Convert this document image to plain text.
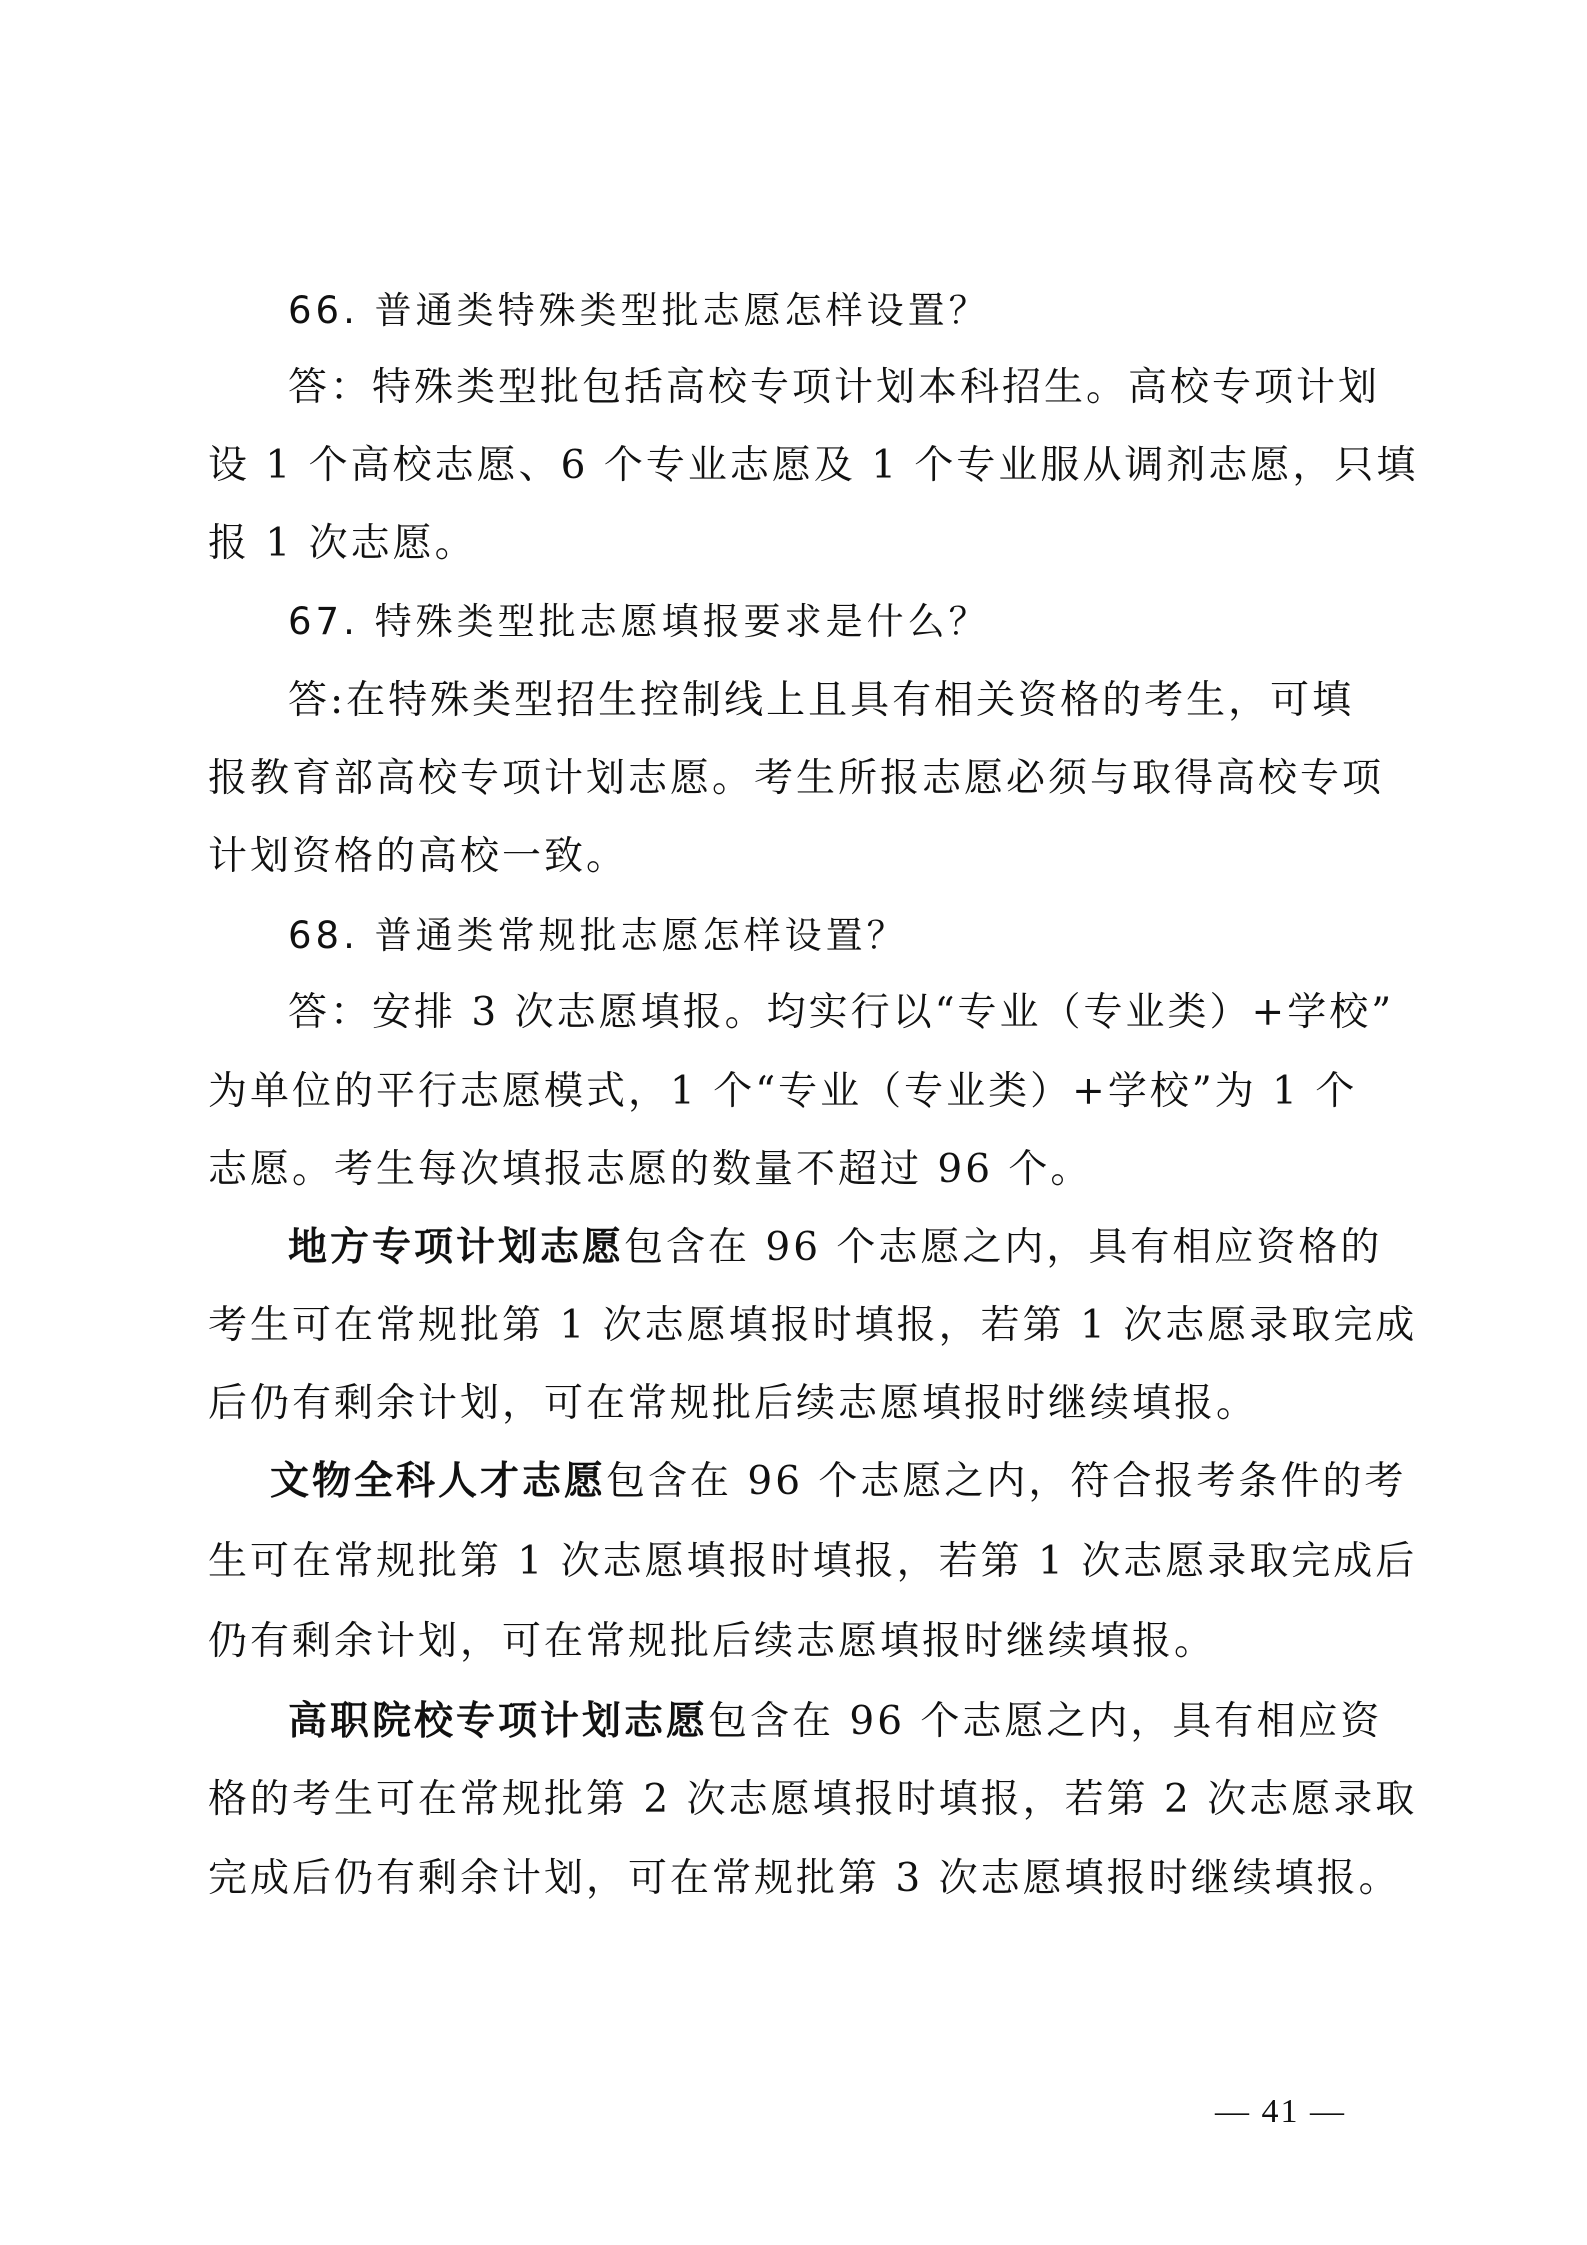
66. 普通类特殊类型批志愿怎样设置？
答：特殊类型批包括高校专项计划本科招生。高校专项计划
设 1 个高校志愿、6 个专业志愿及 1 个专业服从调剂志愿，只填
报 1 次志愿。
67. 特殊类型批志愿填报要求是什么？
答:在特殊类型招生控制线上且具有相关资格的考生，可填
报教育部高校专项计划志愿。考生所报志愿必须与取得高校专项
计划资格的高校一致。
68. 普通类常规批志愿怎样设置？
答：安排 3 次志愿填报。均实行以“专业（专业类）+学校”
为单位的平行志愿模式，1 个“专业（专业类）+学校”为 1 个
志愿。考生每次填报志愿的数量不超过 96 个。
地方专项计划志愿包含在 96 个志愿之内，具有相应资格的
考生可在常规批第 1 次志愿填报时填报，若第 1 次志愿录取完成
后仍有剩余计划，可在常规批后续志愿填报时继续填报。
文物全科人才志愿包含在 96 个志愿之内，符合报考条件的考
生可在常规批第 1 次志愿填报时填报，若第 1 次志愿录取完成后
仍有剩余计划，可在常规批后续志愿填报时继续填报。
高职院校专项计划志愿包含在 96 个志愿之内，具有相应资
格的考生可在常规批第 2 次志愿填报时填报，若第 2 次志愿录取
完成后仍有剩余计划，可在常规批第 3 次志愿填报时继续填报。
— 41 —
